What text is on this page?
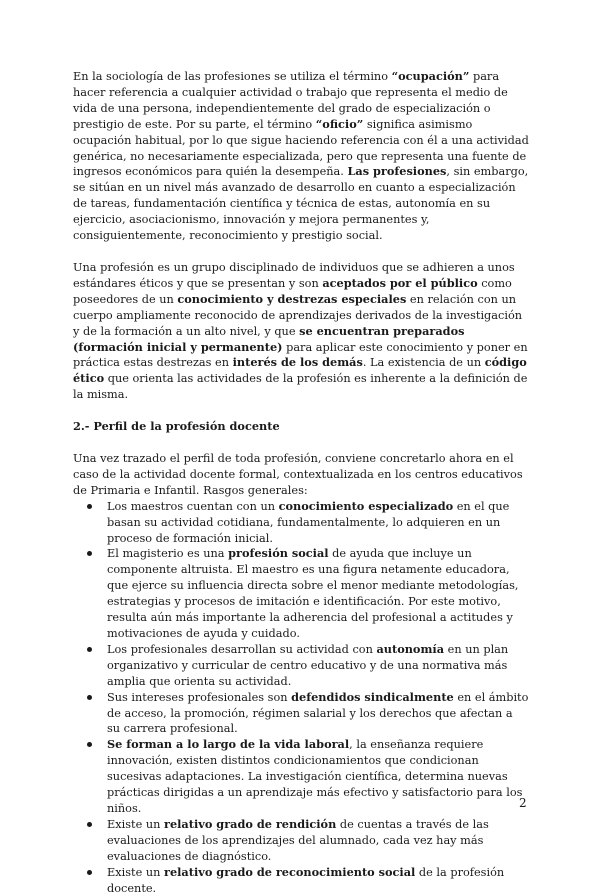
En la sociología de las profesiones se utiliza el término “ocupación” para hacer referencia a cualquier actividad o trabajo que representa el medio de vida de una persona, independientemente del grado de especialización o prestigio de este. Por su parte, el término “oficio” significa asimismo ocupación habitual, por lo que sigue haciendo referencia con él a una actividad genérica, no necesariamente especializada, pero que representa una fuente de ingresos económicos para quién la desempeña. Las profesiones, sin embargo, se sitúan en un nivel más avanzado de desarrollo en cuanto a especialización de tareas, fundamentación científica y técnica de estas, autonomía en su ejercicio, asociacionismo, innovación y mejora permanentes y, consiguientemente, reconocimiento y prestigio social.

Una profesión es un grupo disciplinado de individuos que se adhieren a unos estándares éticos y que se presentan y son aceptados por el público como poseedores de un conocimiento y destrezas especiales en relación con un cuerpo ampliamente reconocido de aprendizajes derivados de la investigación y de la formación a un alto nivel, y que se encuentran preparados (formación inicial y permanente) para aplicar este conocimiento y poner en práctica estas destrezas en interés de los demás. La existencia de un código ético que orienta las actividades de la profesión es inherente a la definición de la misma.

2.- Perfil de la profesión docente

Una vez trazado el perfil de toda profesión, conviene concretarlo ahora en el caso de la actividad docente formal, contextualizada en los centros educativos de Primaria e Infantil. Rasgos generales:

Los maestros cuentan con un conocimiento especializado en el que basan su actividad cotidiana, fundamentalmente, lo adquieren en un proceso de formación inicial.
El magisterio es una profesión social de ayuda que incluye un componente altruista. El maestro es una figura netamente educadora, que ejerce su influencia directa sobre el menor mediante metodologías, estrategias y procesos de imitación e identificación. Por este motivo, resulta aún más importante la adherencia del profesional a actitudes y motivaciones de ayuda y cuidado.
Los profesionales desarrollan su actividad con autonomía en un plan organizativo y curricular de centro educativo y de una normativa más amplia que orienta su actividad.
Sus intereses profesionales son defendidos sindicalmente en el ámbito de acceso, la promoción, régimen salarial y los derechos que afectan a su carrera profesional.
Se forman a lo largo de la vida laboral, la enseñanza requiere innovación, existen distintos condicionamientos que condicionan sucesivas adaptaciones. La investigación científica, determina nuevas prácticas dirigidas a un aprendizaje más efectivo y satisfactorio para los niños.
Existe un relativo grado de rendición de cuentas a través de las evaluaciones de los aprendizajes del alumnado, cada vez hay más evaluaciones de diagnóstico.
Existe un relativo grado de reconocimiento social de la profesión docente.
2
